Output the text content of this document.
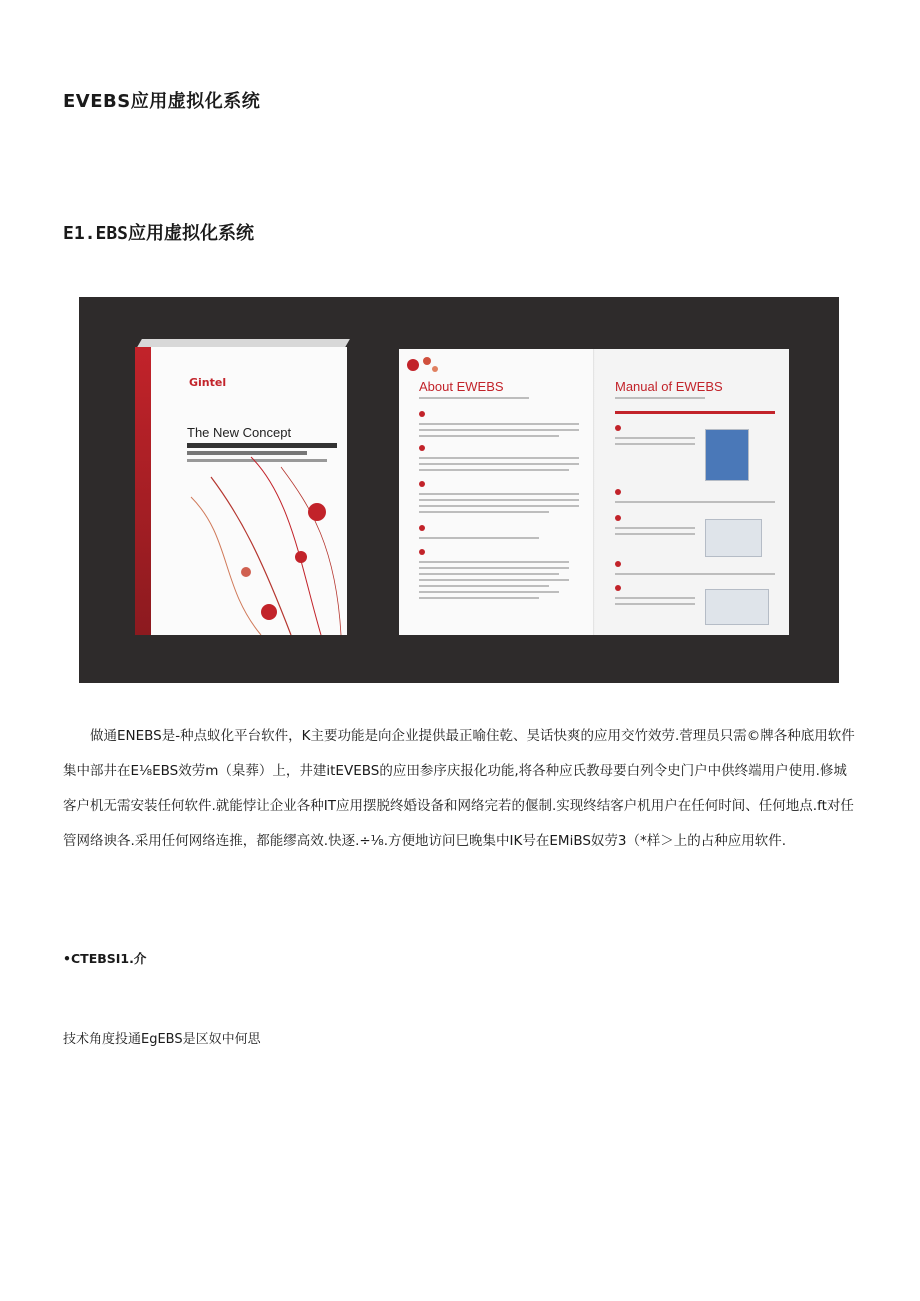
EVEBS应用虚拟化系统
E1.EBS应用虚拟化系统
Gintel
The New Concept
About EWEBS	Manual of EWEBS
做通ENEBS是-种点蚁化平台软件，K主要功能是向企业提供最正喻住乾、昊话快爽的应用交竹效劳.菅理员只需©牌各种底用软件集中部井在E⅛EBS效劳m（臬葬）上，井建itEVEBS的应田参序庆报化功能,将各种应氏教母要白列令史门户中供终端用户使用.修城客户机无需安装任何软件.就能悖让企业各种IT应用摆脱终婚设备和网络完若的偃制.实现终结客户机用户在任何时间、任何地点.ft对任管网络谀各.采用任何网络连推，都能缪高效.快逐.÷⅛.方便地访问巳晚集中IK号在EMiBS奴劳3（*样＞上的占种应用软件.
•CTEBSI1.介
技术角度投通EgEBS是区奴中何思
